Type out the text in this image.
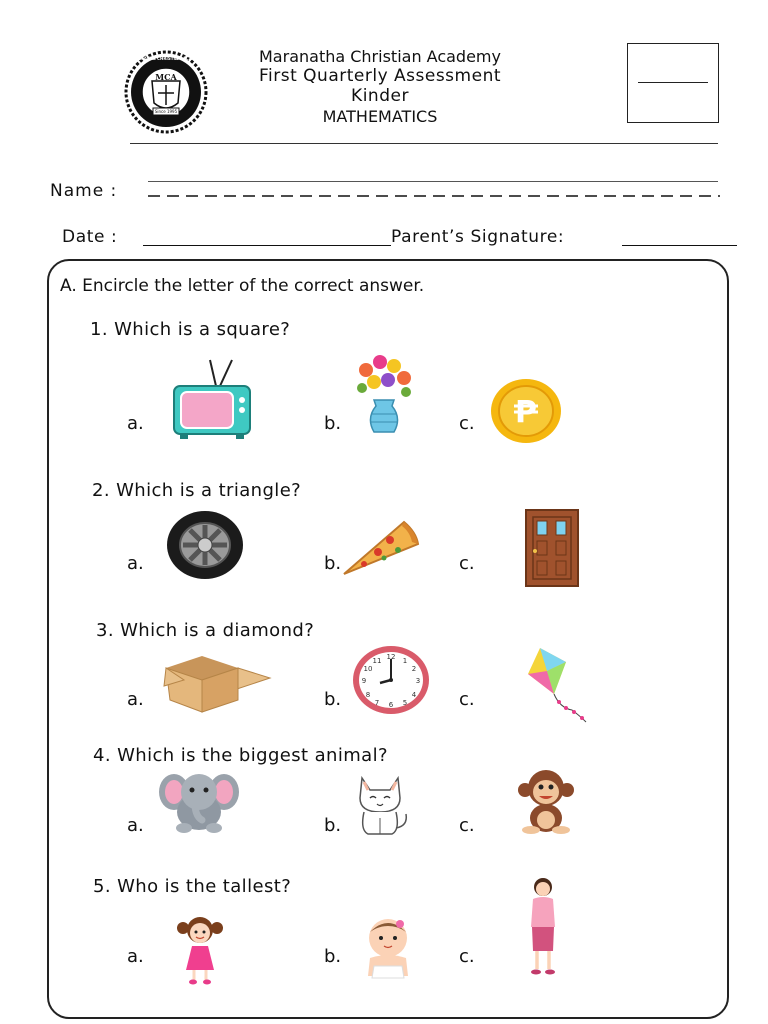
MCA
Since 1995
MARANATHA CHRISTIAN ACADEMY	Maranatha Christian Academy
First Quarterly Assessment
Kinder
MATHEMATICS
Name :
Date :	Parent’s Signature:
A. Encircle the letter of the correct answer.
1. Which is a square?
a.	b.	c. P
2. Which is a triangle?
a.	b.	c.
3. Which is a diamond?
a.	b.	c.
12
6
3
9
1
2
4
5
7
8
10
11
4. Which is the biggest animal?
a.	b.	c.
5. Who is the tallest?
a.	b.	c.
